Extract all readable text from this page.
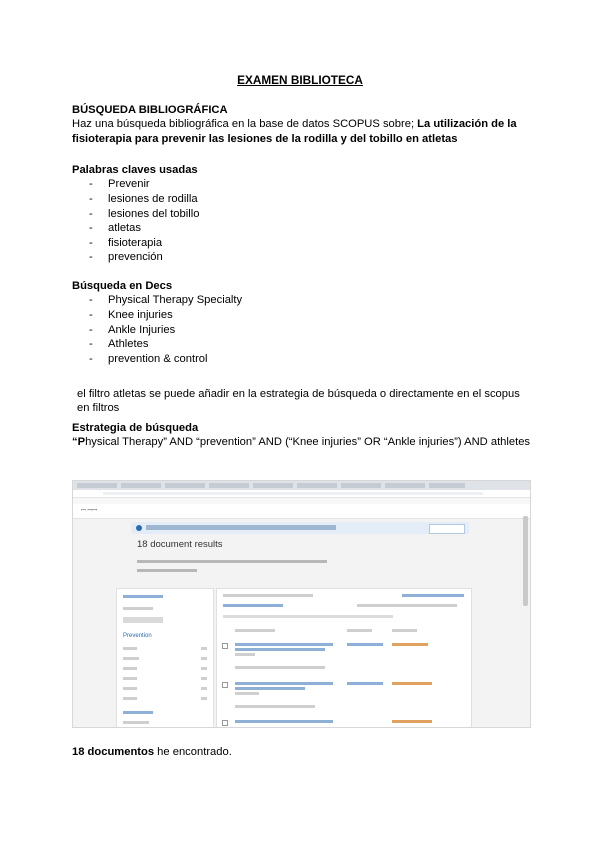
EXAMEN BIBLIOTECA
BÚSQUEDA BIBLIOGRÁFICA
Haz una búsqueda bibliográfica en la base de datos SCOPUS sobre; La utilización de la fisioterapia para prevenir las lesiones de la rodilla y del tobillo en atletas
Palabras claves usadas
- Prevenir
- lesiones de rodilla
- lesiones del tobillo
- atletas
- fisioterapia
- prevención
Búsqueda en Decs
- Physical Therapy Specialty
- Knee injuries
- Ankle Injuries
- Athletes
- prevention & control
el filtro atletas se puede añadir en la estrategia de búsqueda o directamente en el scopus en filtros
Estrategia de búsqueda
“Physical Therapy” AND “prevention” AND (“Knee injuries” OR “Ankle injuries”) AND athletes
ꟷ ꟷꟷ
18 document results
Prevention
18 documentos he encontrado.
